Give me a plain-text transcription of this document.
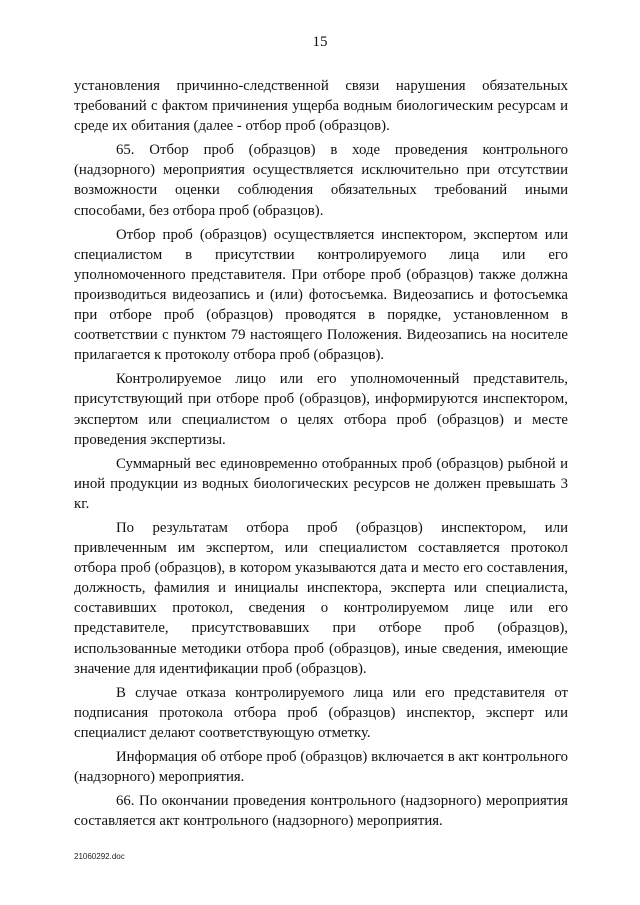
15

установления причинно-следственной связи нарушения обязательных требований с фактом причинения ущерба водным биологическим ресурсам и среде их обитания (далее - отбор проб (образцов).

65. Отбор проб (образцов) в ходе проведения контрольного (надзорного) мероприятия осуществляется исключительно при отсутствии возможности оценки соблюдения обязательных требований иными способами, без отбора проб (образцов).

Отбор проб (образцов) осуществляется инспектором, экспертом или специалистом в присутствии контролируемого лица или его уполномоченного представителя. При отборе проб (образцов) также должна производиться видеозапись и (или) фотосъемка. Видеозапись и фотосъемка при отборе проб (образцов) проводятся в порядке, установленном в соответствии с пунктом 79 настоящего Положения. Видеозапись на носителе прилагается к протоколу отбора проб (образцов).

Контролируемое лицо или его уполномоченный представитель, присутствующий при отборе проб (образцов), информируются инспектором, экспертом или специалистом о целях отбора проб (образцов) и месте проведения экспертизы.

Суммарный вес единовременно отобранных проб (образцов) рыбной и иной продукции из водных биологических ресурсов не должен превышать 3 кг.

По результатам отбора проб (образцов) инспектором, или привлеченным им экспертом, или специалистом составляется протокол отбора проб (образцов), в котором указываются дата и место его составления, должность, фамилия и инициалы инспектора, эксперта или специалиста, составивших протокол, сведения о контролируемом лице или его представителе, присутствовавших при отборе проб (образцов), использованные методики отбора проб (образцов), иные сведения, имеющие значение для идентификации проб (образцов).

В случае отказа контролируемого лица или его представителя от подписания протокола отбора проб (образцов) инспектор, эксперт или специалист делают соответствующую отметку.

Информация об отборе проб (образцов) включается в акт контрольного (надзорного) мероприятия.

66. По окончании проведения контрольного (надзорного) мероприятия составляется акт контрольного (надзорного) мероприятия.

21060292.doc
